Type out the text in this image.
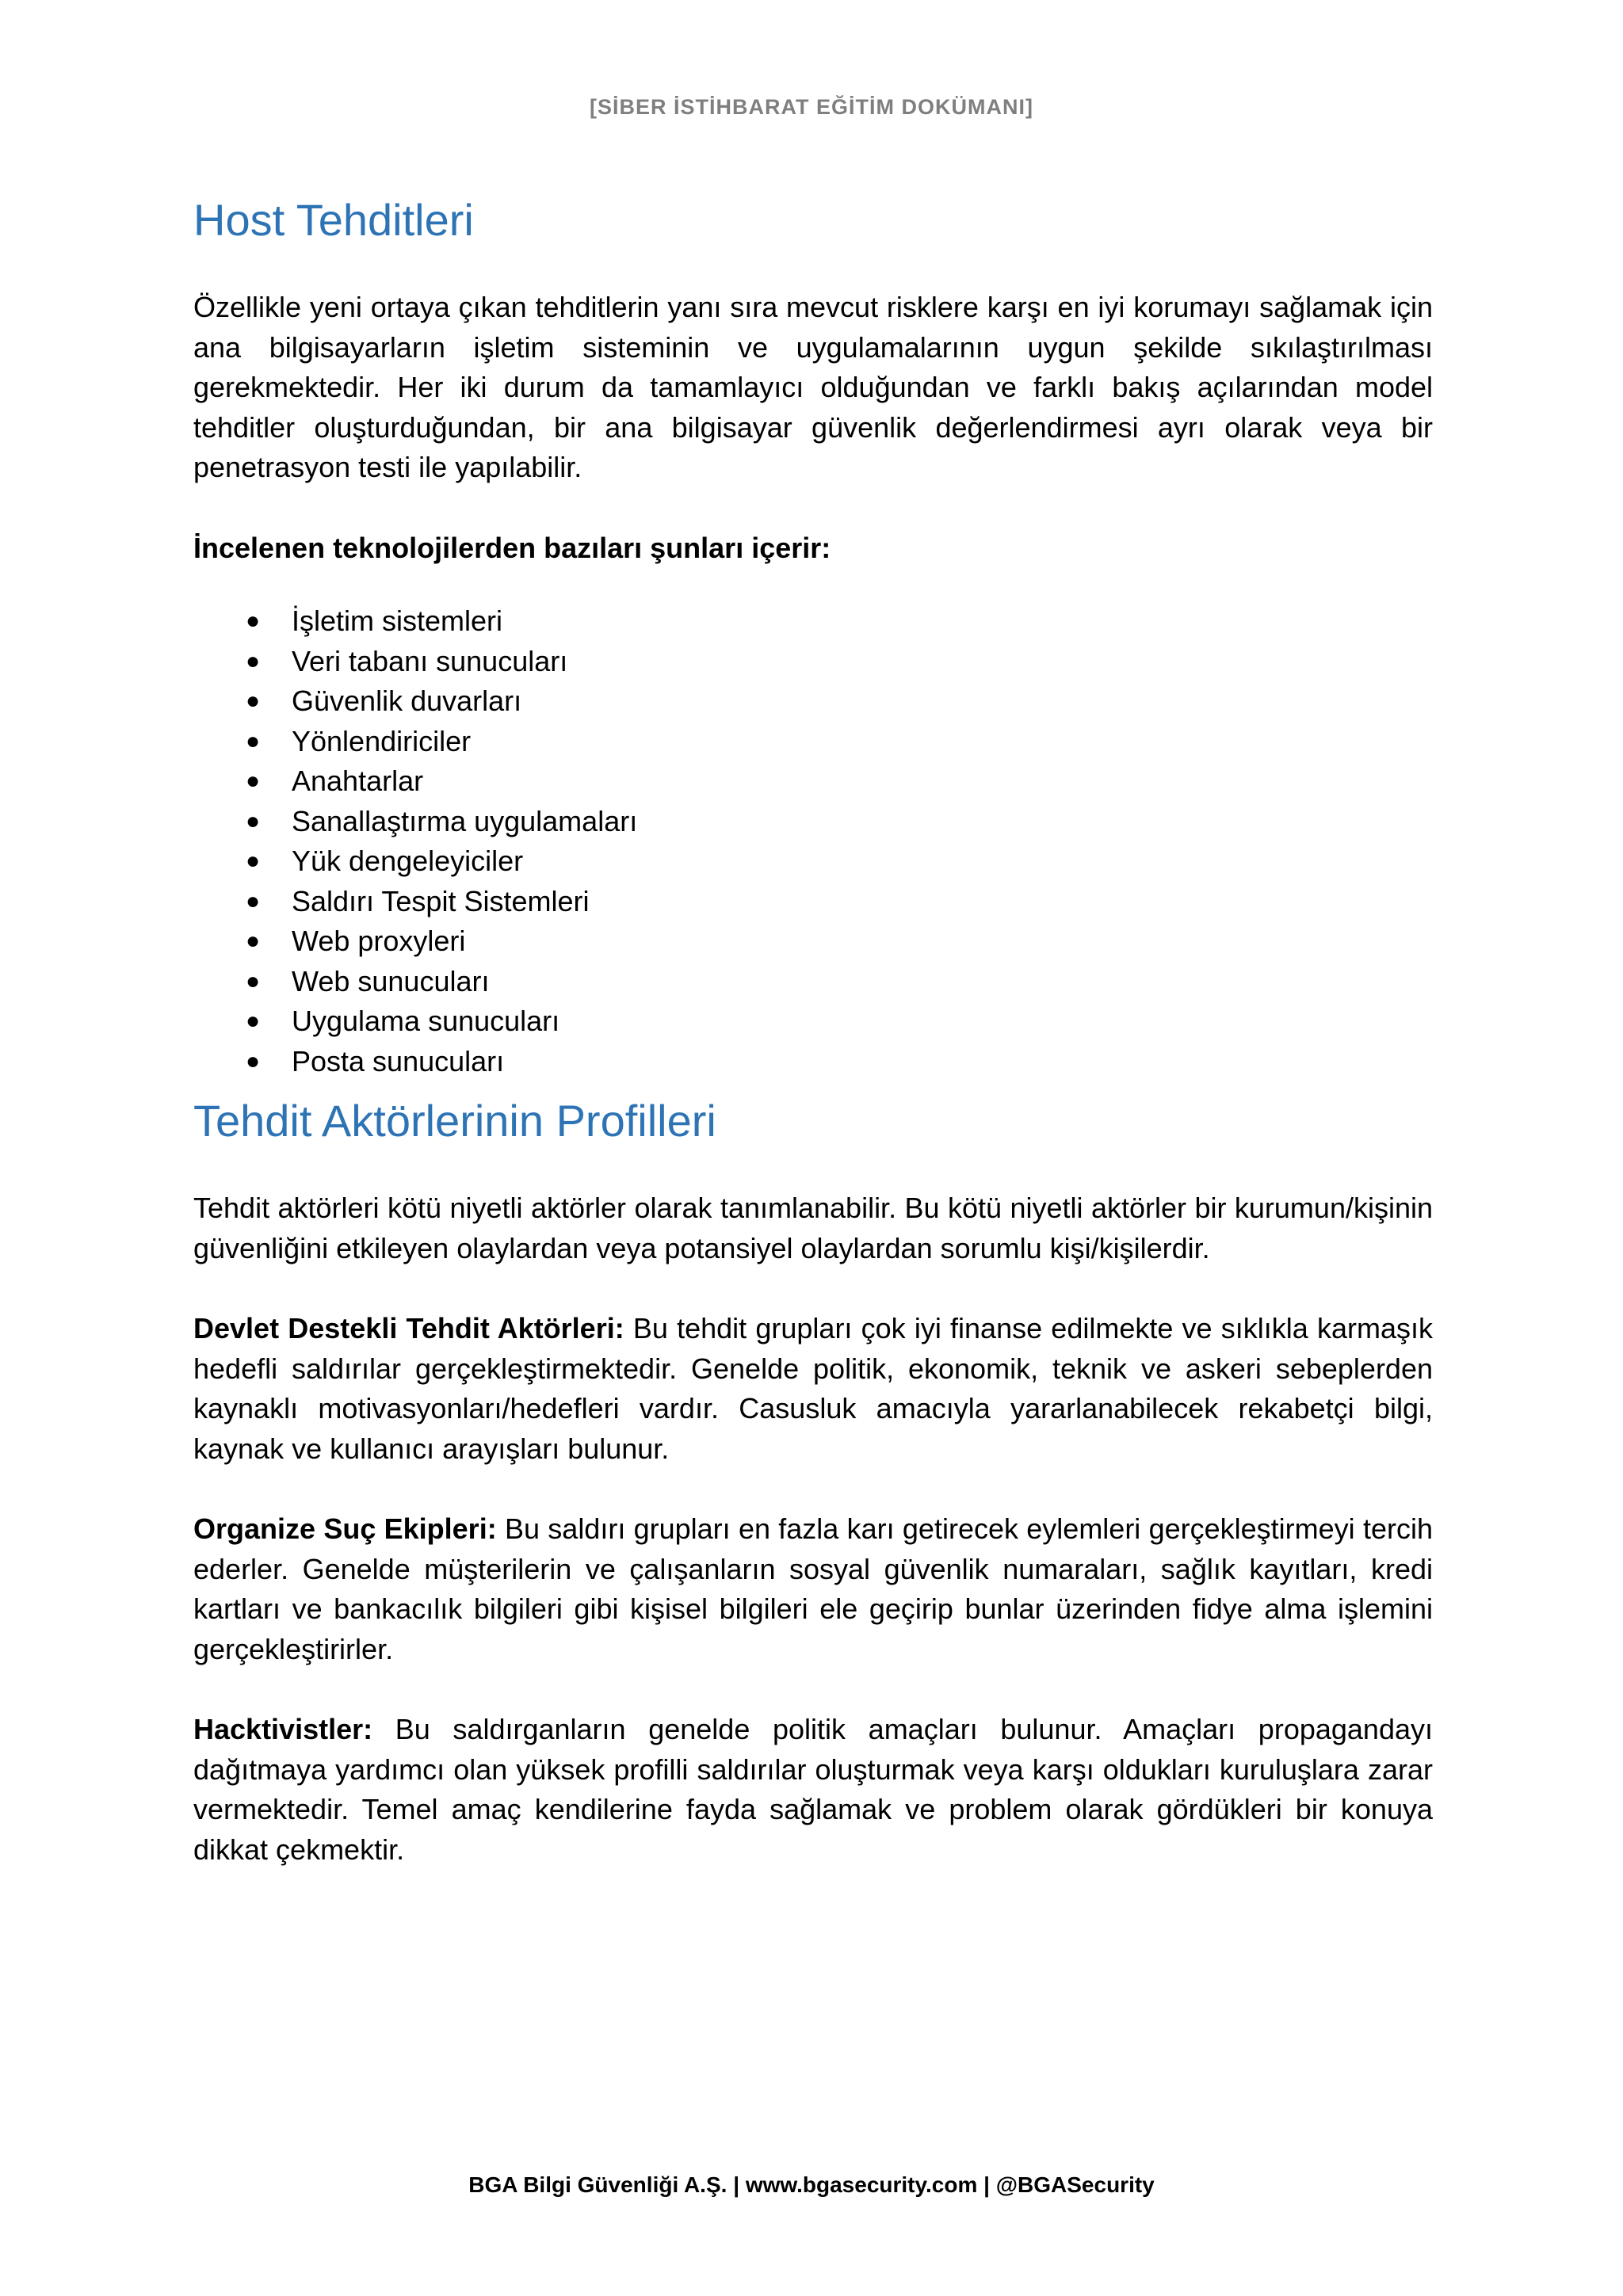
[SİBER İSTİHBARAT EĞİTİM DOKÜMANI]
Host Tehditleri

Özellikle yeni ortaya çıkan tehditlerin yanı sıra mevcut risklere karşı en iyi korumayı sağlamak için ana bilgisayarların işletim sisteminin ve uygulamalarının uygun şekilde sıkılaştırılması gerekmektedir. Her iki durum da tamamlayıcı olduğundan ve farklı bakış açılarından model tehditler oluşturduğundan, bir ana bilgisayar güvenlik değerlendirmesi ayrı olarak veya bir penetrasyon testi ile yapılabilir.

İncelenen teknolojilerden bazıları şunları içerir:

● İşletim sistemleri
● Veri tabanı sunucuları
● Güvenlik duvarları
● Yönlendiriciler
● Anahtarlar
● Sanallaştırma uygulamaları
● Yük dengeleyiciler
● Saldırı Tespit Sistemleri
● Web proxyleri
● Web sunucuları
● Uygulama sunucuları
● Posta sunucuları
Tehdit Aktörlerinin Profilleri

Tehdit aktörleri kötü niyetli aktörler olarak tanımlanabilir. Bu kötü niyetli aktörler bir kurumun/kişinin güvenliğini etkileyen olaylardan veya potansiyel olaylardan sorumlu kişi/kişilerdir.

Devlet Destekli Tehdit Aktörleri: Bu tehdit grupları çok iyi finanse edilmekte ve sıklıkla karmaşık hedefli saldırılar gerçekleştirmektedir. Genelde politik, ekonomik, teknik ve askeri sebeplerden kaynaklı motivasyonları/hedefleri vardır. Casusluk amacıyla yararlanabilecek rekabetçi bilgi, kaynak ve kullanıcı arayışları bulunur.

Organize Suç Ekipleri: Bu saldırı grupları en fazla karı getirecek eylemleri gerçekleştirmeyi tercih ederler. Genelde müşterilerin ve çalışanların sosyal güvenlik numaraları, sağlık kayıtları, kredi kartları ve bankacılık bilgileri gibi kişisel bilgileri ele geçirip bunlar üzerinden fidye alma işlemini gerçekleştirirler.

Hacktivistler: Bu saldırganların genelde politik amaçları bulunur. Amaçları propagandayı dağıtmaya yardımcı olan yüksek profilli saldırılar oluşturmak veya karşı oldukları kuruluşlara zarar vermektedir. Temel amaç kendilerine fayda sağlamak ve problem olarak gördükleri bir konuya dikkat çekmektir.

BGA Bilgi Güvenliği A.Ş. | www.bgasecurity.com | @BGASecurity
